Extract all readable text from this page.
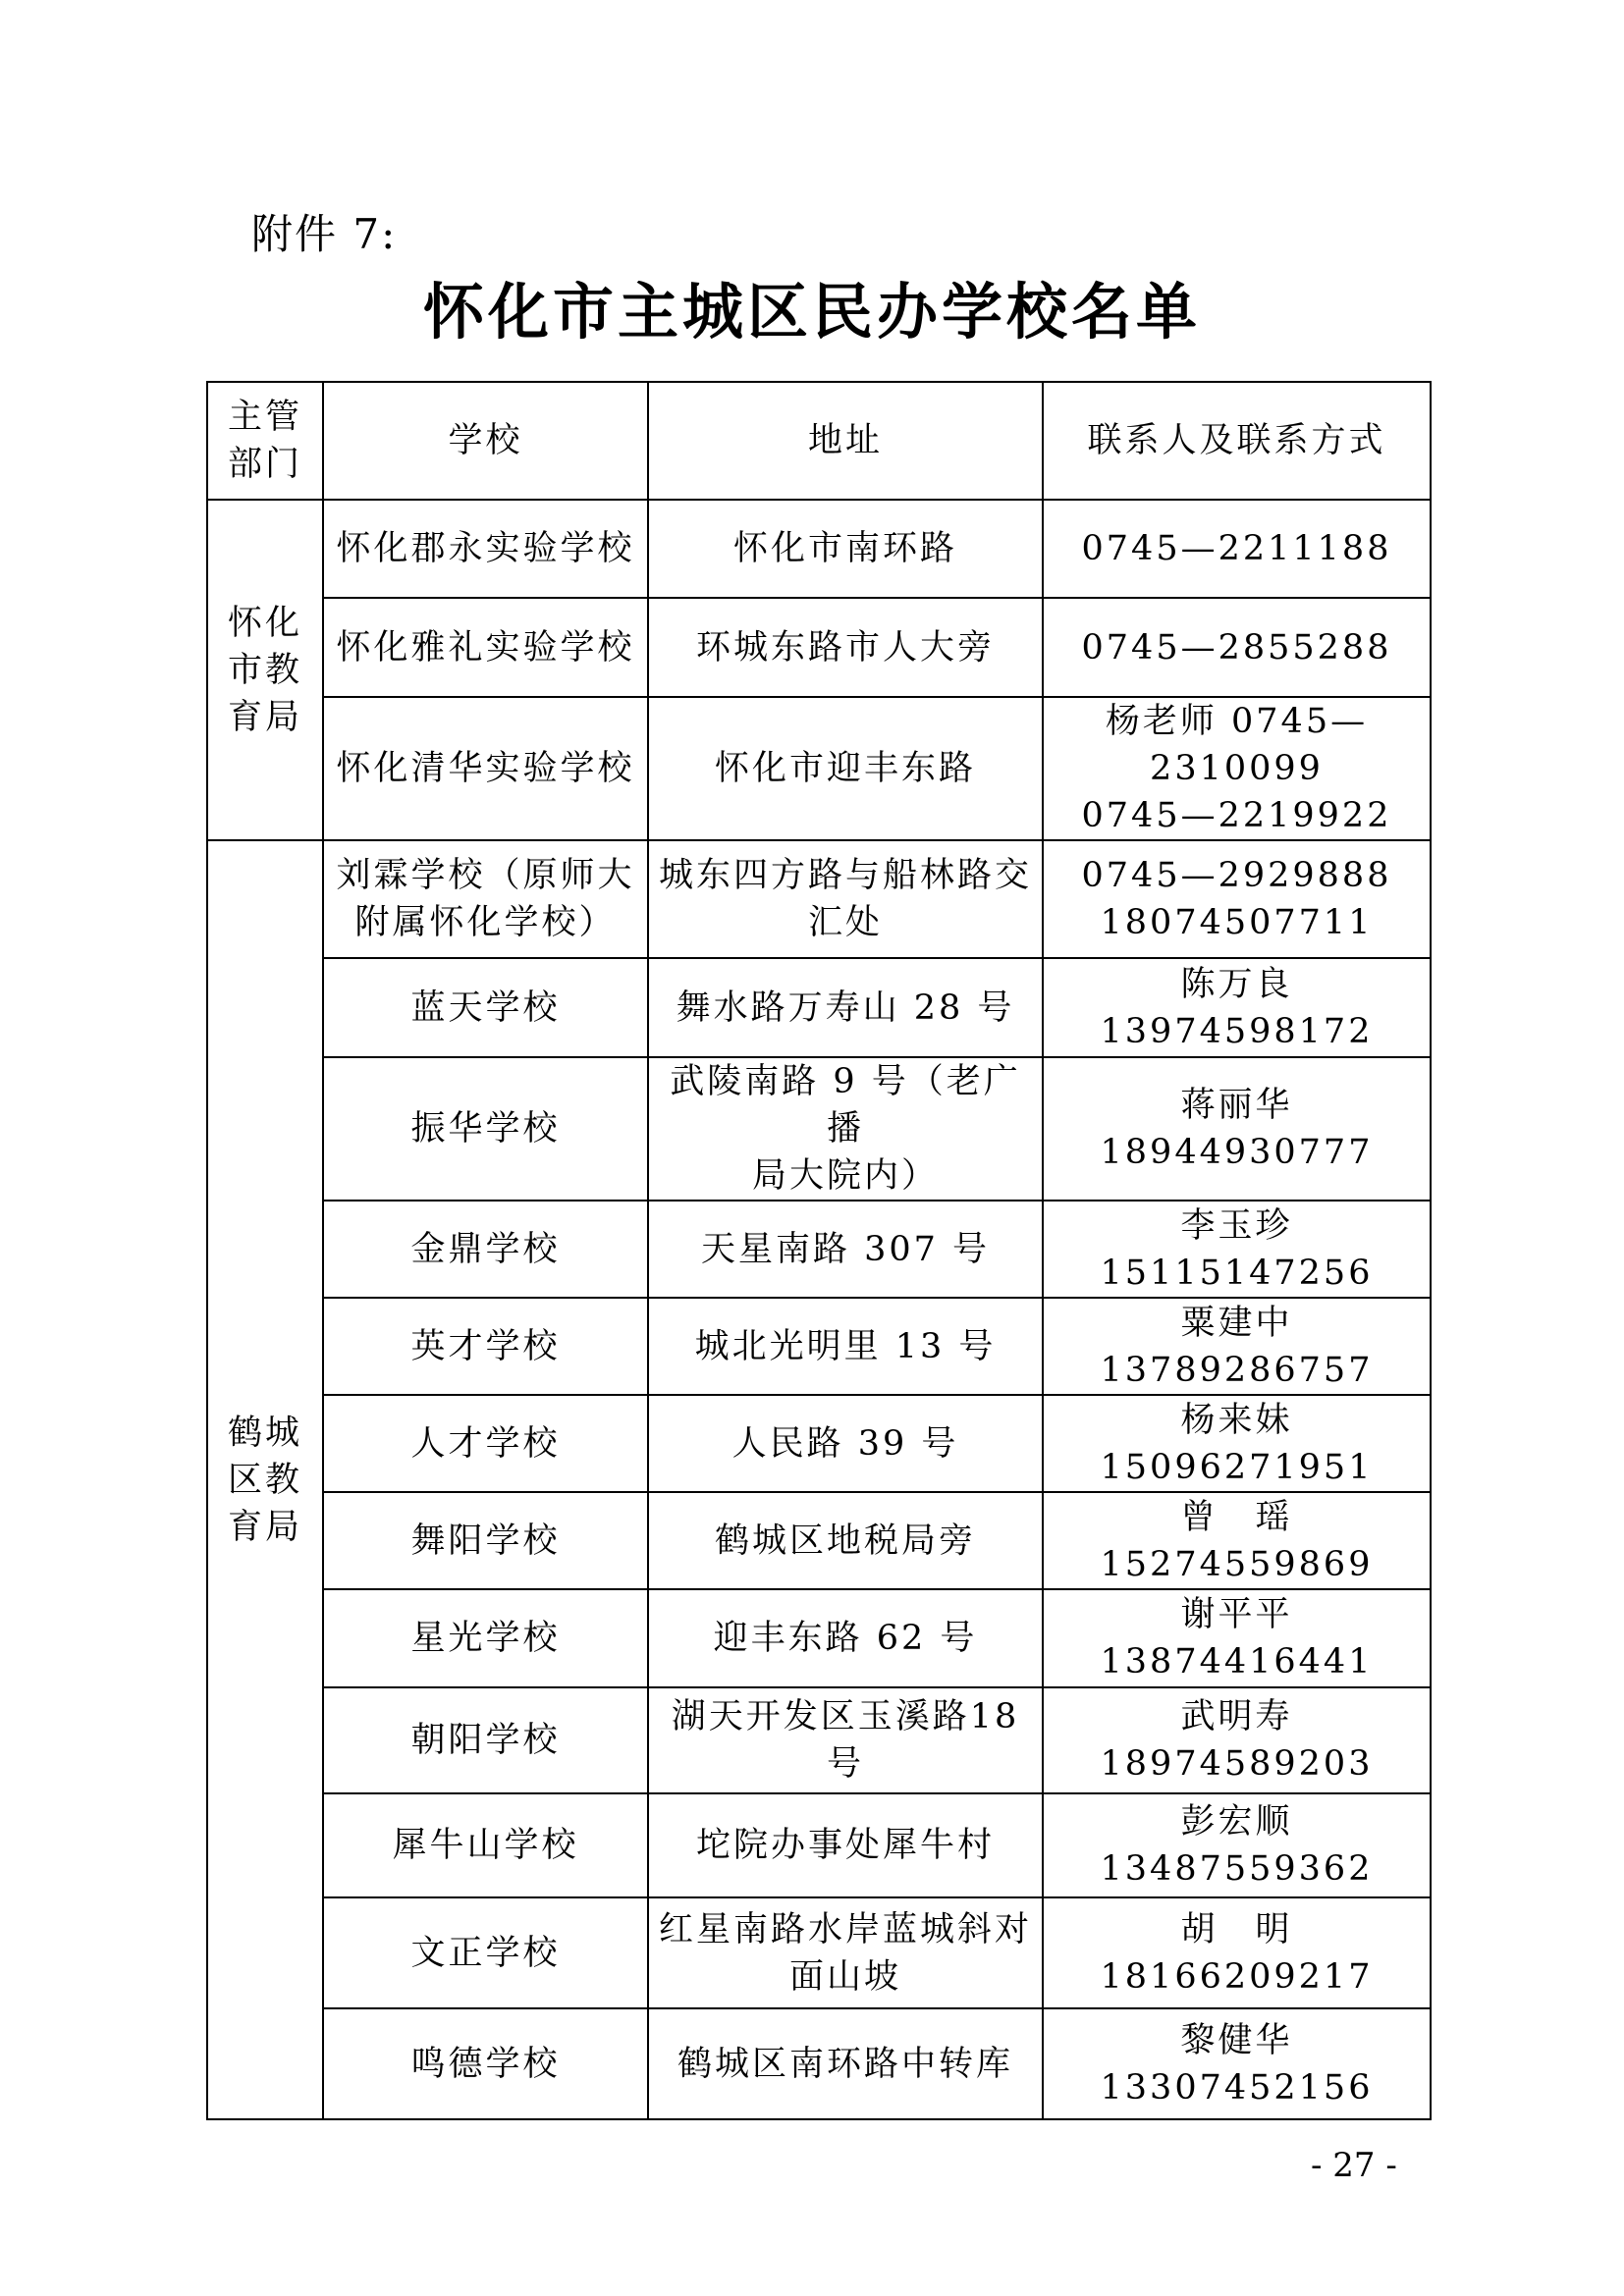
附件 7:
怀化市主城区民办学校名单
主管
部门	学校	地址	联系人及联系方式

怀化
市教
育局	怀化郡永实验学校	怀化市南环路	0745—2211188

	怀化雅礼实验学校	环城东路市人大旁	0745—2855288

	怀化清华实验学校	怀化市迎丰东路	杨老师 0745—2310099
0745—2219922

鹤城
区教
育局	刘霖学校（原师大
附属怀化学校）	城东四方路与船林路交
汇处	0745—2929888
18074507711

	蓝天学校	舞水路万寿山 28 号	陈万良 13974598172

	振华学校	武陵南路 9 号（老广播
局大院内）	蒋丽华 18944930777

	金鼎学校	天星南路 307 号	李玉珍 15115147256

	英才学校	城北光明里 13 号	粟建中 13789286757

	人才学校	人民路 39 号	杨来妹 15096271951

	舞阳学校	鹤城区地税局旁	曾　瑶 15274559869

	星光学校	迎丰东路 62 号	谢平平 13874416441

	朝阳学校	湖天开发区玉溪路18号	武明寿 18974589203

	犀牛山学校	坨院办事处犀牛村	彭宏顺 13487559362

	文正学校	红星南路水岸蓝城斜对
面山坡	胡　明 18166209217

	鸣德学校	鹤城区南环路中转库	黎健华 13307452156
- 27 -
